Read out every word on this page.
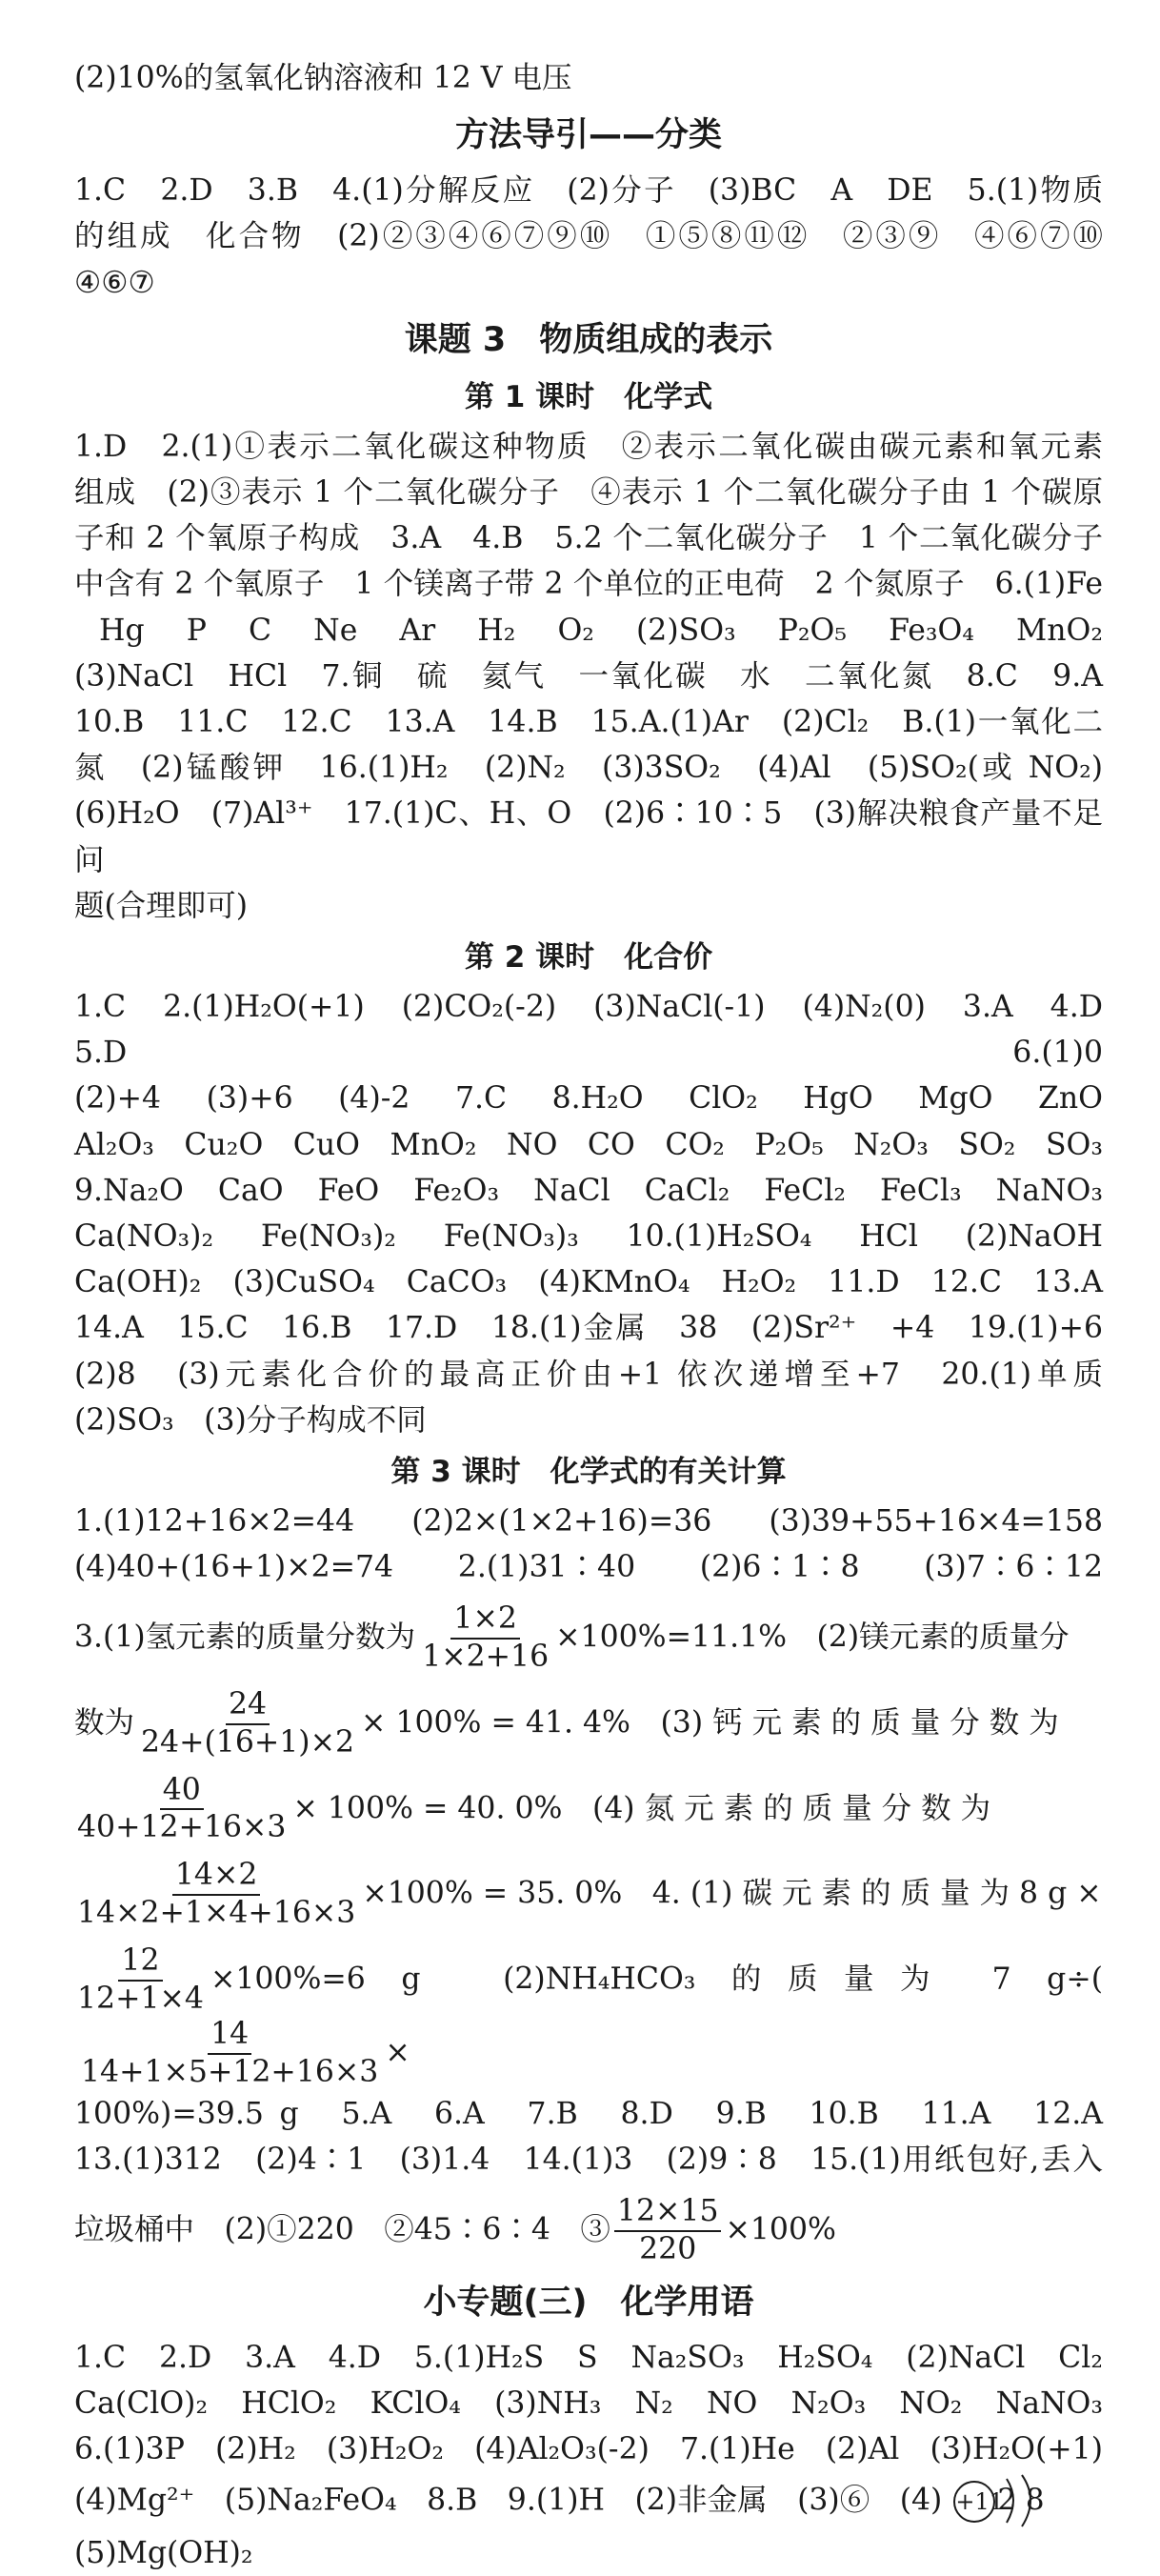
(2)10%的氢氧化钠溶液和 12 V 电压

方法导引——分类

1.C　2.D　3.B　4.(1)分解反应　(2)分子　(3)BC　A　DE　5.(1)物质

的组成　化合物　(2)②③④⑥⑦⑨⑩　①⑤⑧⑪⑫　②③⑨　④⑥⑦⑩

④⑥⑦

课题 3　物质组成的表示
第 1 课时　化学式

1.D　2.(1)①表示二氧化碳这种物质　②表示二氧化碳由碳元素和氧元素

组成　(2)③表示 1 个二氧化碳分子　④表示 1 个二氧化碳分子由 1 个碳原

子和 2 个氧原子构成　3.A　4.B　5.2 个二氧化碳分子　1 个二氧化碳分子

中含有 2 个氧原子　1 个镁离子带 2 个单位的正电荷　2 个氮原子　6.(1)Fe

Hg　P　C　Ne　Ar　H₂　O₂　(2)SO₃　P₂O₅　Fe₃O₄　MnO₂

(3)NaCl　HCl　7.铜　硫　氦气　一氧化碳　水　二氧化氮　8.C　9.A

10.B　11.C　12.C　13.A　14.B　15.A.(1)Ar　(2)Cl₂　B.(1)一氧化二

氮　(2)锰酸钾　16.(1)H₂　(2)N₂　(3)3SO₂　(4)Al　(5)SO₂(或 NO₂)

(6)H₂O　(7)Al³⁺　17.(1)C、H、O　(2)6∶10∶5　(3)解决粮食产量不足问

题(合理即可)

第 2 课时　化合价

1.C　2.(1)H₂O(+1)　(2)CO₂(-2)　(3)NaCl(-1)　(4)N₂(0)　3.A　4.D　5.D　6.(1)0

(2)+4　(3)+6　(4)-2　7.C　8.H₂O　ClO₂　HgO　MgO　ZnO

Al₂O₃　Cu₂O　CuO　MnO₂　NO　CO　CO₂　P₂O₅　N₂O₃　SO₂　SO₃

9.Na₂O　CaO　FeO　Fe₂O₃　NaCl　CaCl₂　FeCl₂　FeCl₃　NaNO₃

Ca(NO₃)₂　Fe(NO₃)₂　Fe(NO₃)₃　10.(1)H₂SO₄　HCl　(2)NaOH

Ca(OH)₂　(3)CuSO₄　CaCO₃　(4)KMnO₄　H₂O₂　11.D　12.C　13.A

14.A　15.C　16.B　17.D　18.(1)金属　38　(2)Sr²⁺　+4　19.(1)+6

(2)8　(3)元素化合价的最高正价由+1 依次递增至+7　20.(1)单质

(2)SO₃　(3)分子构成不同

第 3 课时　化学式的有关计算

1.(1)12+16×2=44　(2)2×(1×2+16)=36　(3)39+55+16×4=158

(4)40+(16+1)×2=74　2.(1)31∶40　(2)6∶1∶8　(3)7∶6∶12

3.(1)氢元素的质量分数为 $\frac{1\times 2}{1\times 2+16} \times 100\%=11.1\%$　(2)镁元素的质量分

数为 $\frac{24}{24+(16+1)\times 2} \times 100\% = 41$. 4%　(3) 钙 元 素 的 质 量 分 数 为

$\frac{40}{40+12+16\times 3} \times 100\% = 40$. 0%　(4) 氮 元 素 的 质 量 分 数 为

$\frac{14\times 2}{14\times 2+1\times 4+16\times 3} \times 100\% = 35$. 0%　4. (1) 碳 元 素 的 质 量 为 8 g ×

$\frac{12}{12+1\times 4} \times 100\%=6$ g　(2)NH₄HCO₃ 的质量为 7 g÷(
$\frac{14}{14+1\times 5+12+16\times 3}$ ×

100%)=39.5 g　5.A　6.A　7.B　8.D　9.B　10.B　11.A　12.A

13.(1)312　(2)4∶1　(3)1.4　14.(1)3　(2)9∶8　15.(1)用纸包好,丢入

垃圾桶中　(2)①220　②45∶6∶4　③ $\frac{12\times 15}{220} \times 100\%$

小专题(三)　化学用语

1.C　2.D　3.A　4.D　5.(1)H₂S　S　Na₂SO₃　H₂SO₄　(2)NaCl　Cl₂

Ca(ClO)₂　HClO₂　KClO₄　(3)NH₃　N₂　NO　N₂O₃　NO₂　NaNO₃

6.(1)3P　(2)H₂　(3)H₂O₂　(4)Al₂O₃(-2)　7.(1)He　(2)Al　(3)H₂O(+1)

(4)Mg²⁺　(5)Na₂FeO₄　8.B　9.(1)H　(2)非金属　(3)⑥　(4) +11
2 8

(5)Mg(OH)₂
